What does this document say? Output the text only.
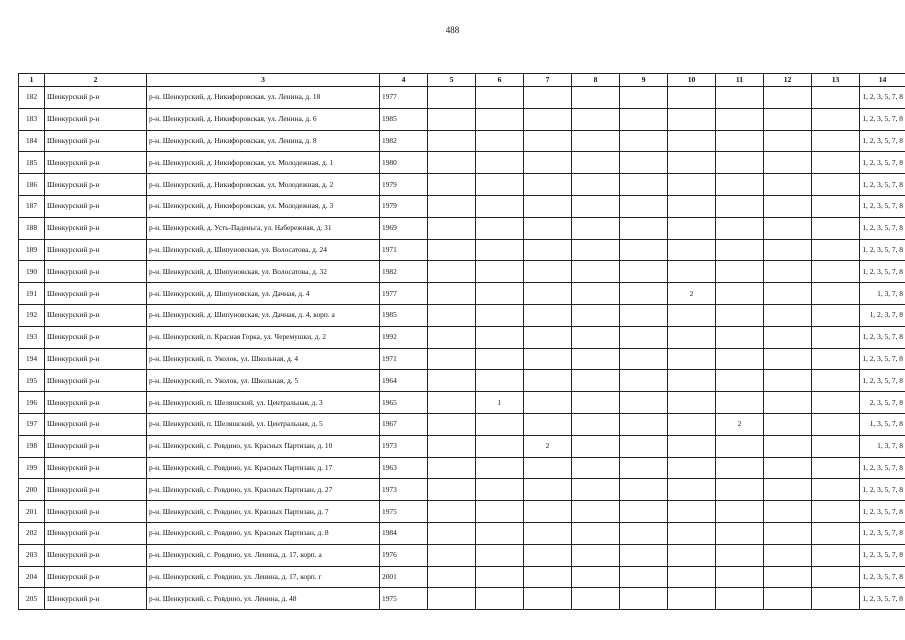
488
1	2	3	4	5	6	7	8	9	10	11	12	13	14
182	Шенкурский р-н	р-н. Шенкурский, д. Никифоровская, ул. Ленина, д. 18	1977										1, 2, 3, 5, 7, 8
183	Шенкурский р-н	р-н. Шенкурский, д. Никифоровская, ул. Ленина, д. 6	1985										1, 2, 3, 5, 7, 8
184	Шенкурский р-н	р-н. Шенкурский, д. Никифоровская, ул. Ленина, д. 8	1982										1, 2, 3, 5, 7, 8
185	Шенкурский р-н	р-н. Шенкурский, д. Никифоровская, ул. Молодежная, д. 1	1980										1, 2, 3, 5, 7, 8
186	Шенкурский р-н	р-н. Шенкурский, д. Никифоровская, ул. Молодежная, д. 2	1979										1, 2, 3, 5, 7, 8
187	Шенкурский р-н	р-н. Шенкурский, д. Никифоровская, ул. Молодежная, д. 3	1979										1, 2, 3, 5, 7, 8
188	Шенкурский р-н	р-н. Шенкурский, д. Усть-Паденьга, ул. Набережная, д. 31	1969										1, 2, 3, 5, 7, 8
189	Шенкурский р-н	р-н. Шенкурский, д. Шипуновская, ул. Волосатова, д. 24	1971										1, 2, 3, 5, 7, 8
190	Шенкурский р-н	р-н. Шенкурский, д. Шипуновская, ул. Волосатова, д. 32	1982										1, 2, 3, 5, 7, 8
191	Шенкурский р-н	р-н. Шенкурский, д. Шипуновская, ул. Дачная, д. 4	1977						2				1, 3, 7, 8
192	Шенкурский р-н	р-н. Шенкурский, д. Шипуновская, ул. Дачная, д. 4, корп. а	1985										1, 2, 3, 7, 8
193	Шенкурский р-н	р-н. Шенкурский, п. Красная Горка, ул. Черемушки, д. 2	1992										1, 2, 3, 5, 7, 8
194	Шенкурский р-н	р-н. Шенкурский, п. Уколок, ул. Школьная, д. 4	1971										1, 2, 3, 5, 7, 8
195	Шенкурский р-н	р-н. Шенкурский, п. Уколок, ул. Школьная, д. 5	1964										1, 2, 3, 5, 7, 8
196	Шенкурский р-н	р-н. Шенкурский, п. Шеляшский, ул. Центральная, д. 3	1965		1								2, 3, 5, 7, 8
197	Шенкурский р-н	р-н. Шенкурский, п. Шеляшский, ул. Центральная, д. 5	1967							2			1, 3, 5, 7, 8
198	Шенкурский р-н	р-н. Шенкурский, с. Ровдино, ул. Красных Партизан, д. 10	1973			2							1, 3, 7, 8
199	Шенкурский р-н	р-н. Шенкурский, с. Ровдино, ул. Красных Партизан, д. 17	1963										1, 2, 3, 5, 7, 8
200	Шенкурский р-н	р-н. Шенкурский, с. Ровдино, ул. Красных Партизан, д. 27	1973										1, 2, 3, 5, 7, 8
201	Шенкурский р-н	р-н. Шенкурский, с. Ровдино, ул. Красных Партизан, д. 7	1975										1, 2, 3, 5, 7, 8
202	Шенкурский р-н	р-н. Шенкурский, с. Ровдино, ул. Красных Партизан, д. 8	1984										1, 2, 3, 5, 7, 8
203	Шенкурский р-н	р-н. Шенкурский, с. Ровдино, ул. Ленина, д. 17, корп. а	1976										1, 2, 3, 5, 7, 8
204	Шенкурский р-н	р-н. Шенкурский, с. Ровдино, ул. Ленина, д. 17, корп. г	2001										1, 2, 3, 5, 7, 8
205	Шенкурский р-н	р-н. Шенкурский, с. Ровдино, ул. Ленина, д. 48	1975										1, 2, 3, 5, 7, 8
